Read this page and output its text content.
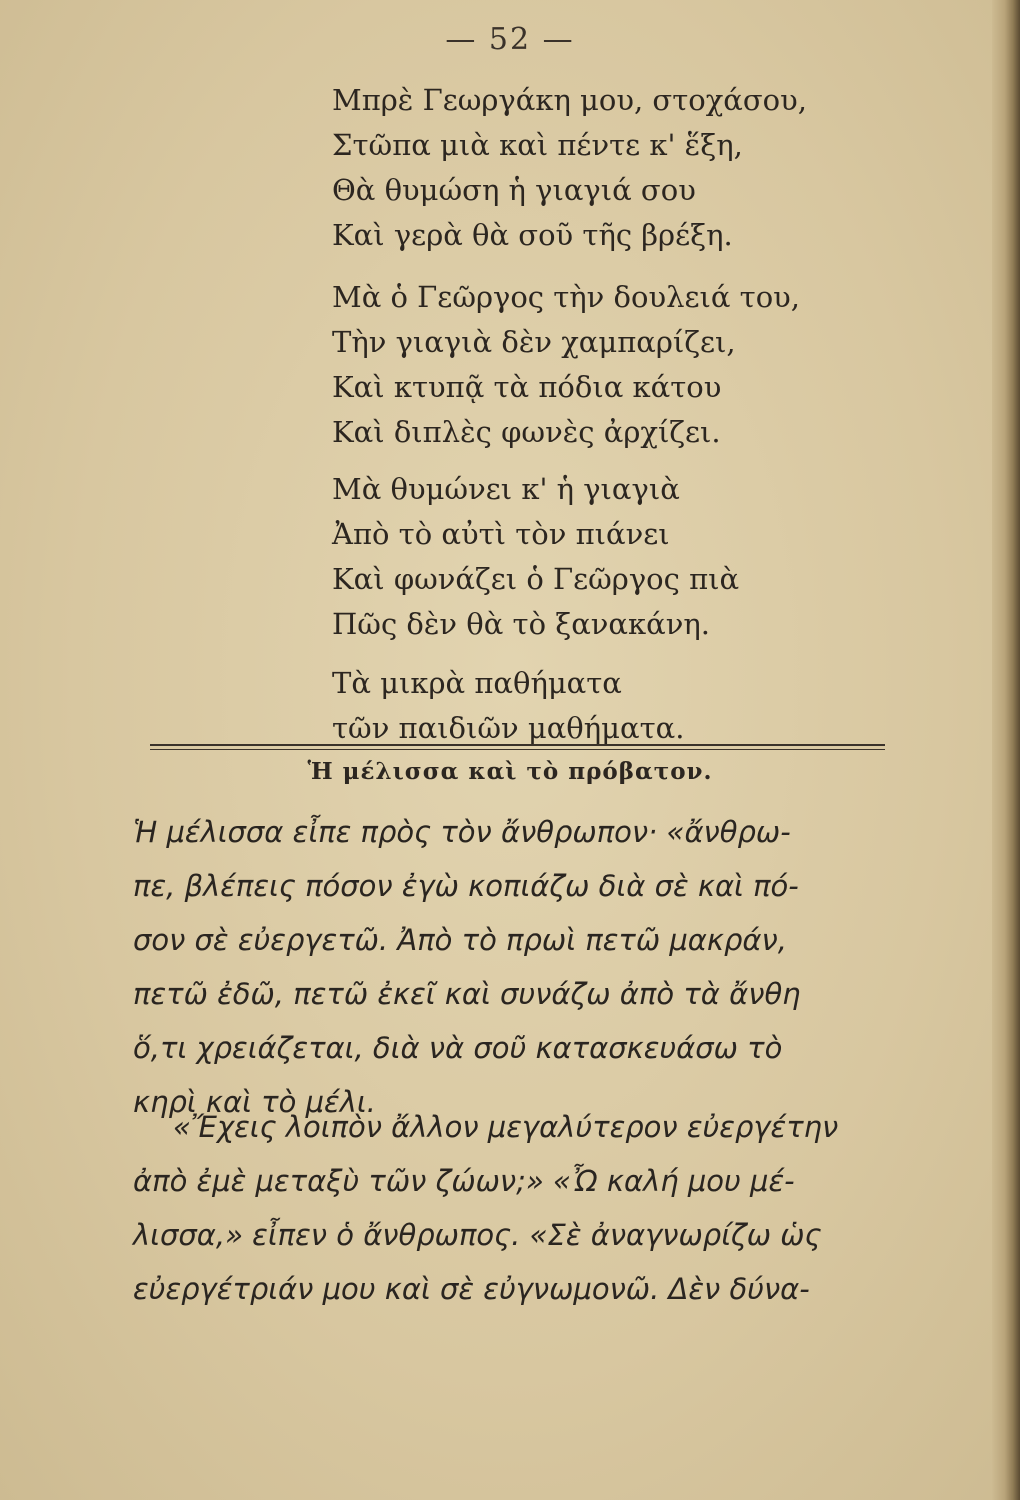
— 52 —
Μπρὲ Γεωργάκη μου, στοχάσου,
Στῶπα μιὰ καὶ πέντε κ' ἕξη,
Θὰ θυμώση ἡ γιαγιά σου
Καὶ γερὰ θὰ σοῦ τῆς βρέξη.
Μὰ ὁ Γεῶργος τὴν δουλειά του,
Τὴν γιαγιὰ δὲν χαμπαρίζει,
Καὶ κτυπᾷ τὰ πόδια κάτου
Καὶ διπλὲς φωνὲς ἀρχίζει.
Μὰ θυμώνει κ' ἡ γιαγιὰ
Ἀπὸ τὸ αὐτὶ τὸν πιάνει
Καὶ φωνάζει ὁ Γεῶργος πιὰ
Πῶς δὲν θὰ τὸ ξανακάνη.
Τὰ μικρὰ παθήματα
τῶν παιδιῶν μαθήματα.
Ἡ μέλισσα καὶ τὸ πρόβατον.
Ἡ μέλισσα εἶπε πρὸς τὸν ἄνθρωπον· «ἄνθρω-
πε, βλέπεις πόσον ἐγὼ κοπιάζω διὰ σὲ καὶ πό-
σον σὲ εὐεργετῶ. Ἀπὸ τὸ πρωὶ πετῶ μακράν,
πετῶ ἐδῶ, πετῶ ἐκεῖ καὶ συνάζω ἀπὸ τὰ ἄνθη
ὅ,τι χρειάζεται, διὰ νὰ σοῦ κατασκευάσω τὸ
κηρὶ καὶ τὸ μέλι.
«Ἔχεις λοιπὸν ἄλλον μεγαλύτερον εὐεργέτην
ἀπὸ ἐμὲ μεταξὺ τῶν ζώων;» «Ὦ καλή μου μέ-
λισσα,» εἶπεν ὁ ἄνθρωπος. «Σὲ ἀναγνωρίζω ὡς
εὐεργέτριάν μου καὶ σὲ εὐγνωμονῶ. Δὲν δύνα-
